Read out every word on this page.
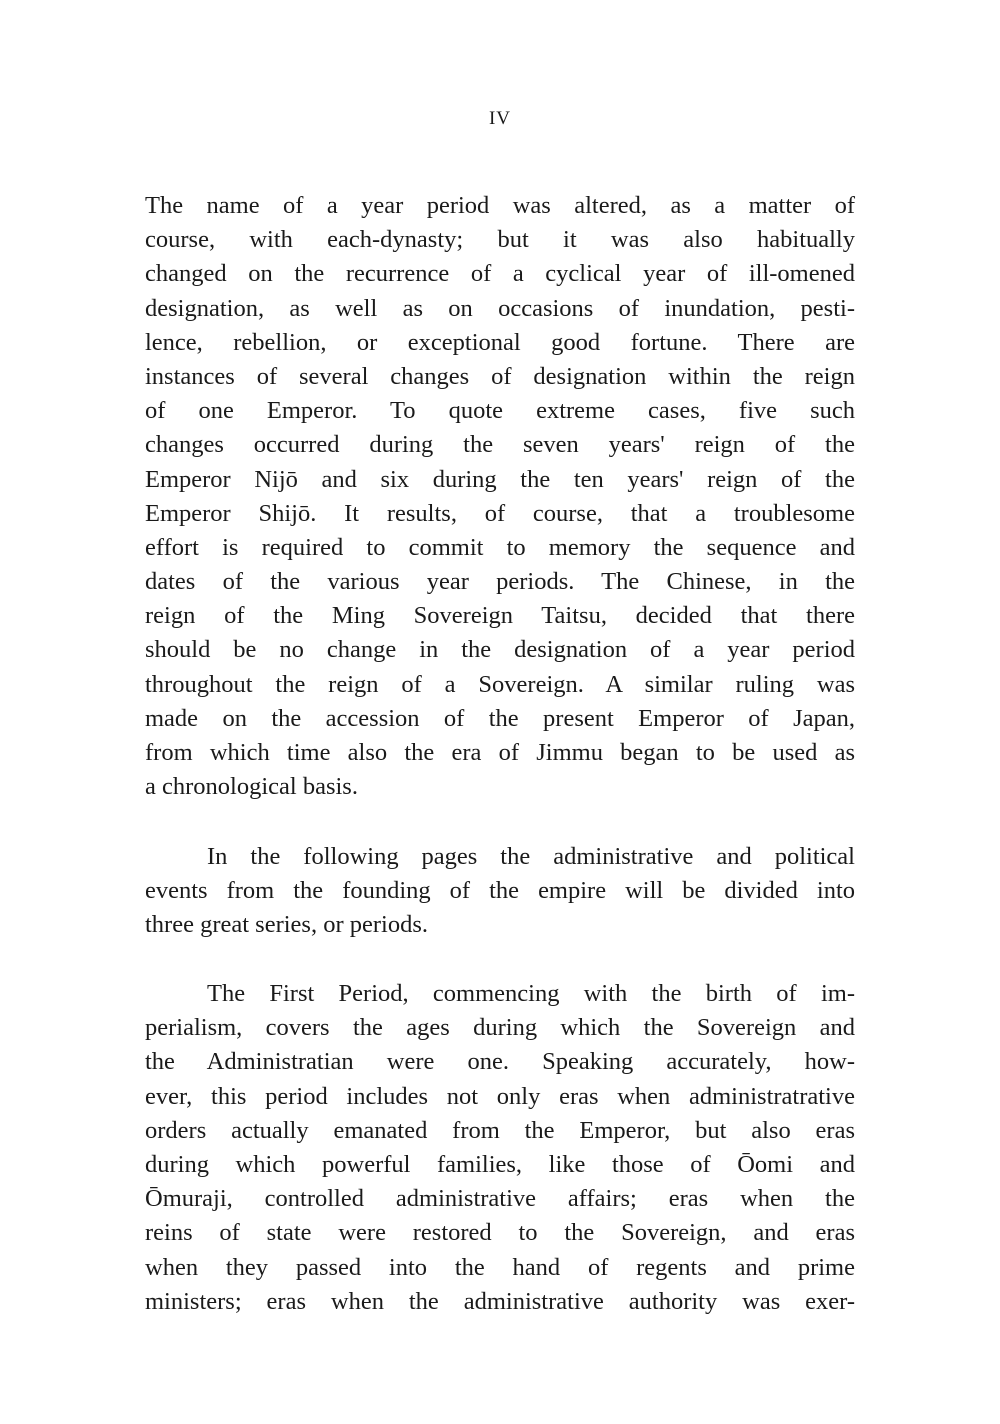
IV
The name of a year period was altered, as a matter of
course, with each-dynasty; but it was also habitually
changed on the recurrence of a cyclical year of ill-omened
designation, as well as on occasions of inundation, pesti-
lence, rebellion, or exceptional good fortune. There are
instances of several changes of designation within the reign
of one Emperor. To quote extreme cases, five such
changes occurred during the seven years' reign of the
Emperor Nijō and six during the ten years' reign of the
Emperor Shijō. It results, of course, that a troublesome
effort is required to commit to memory the sequence and
dates of the various year periods. The Chinese, in the
reign of the Ming Sovereign Taitsu, decided that there
should be no change in the designation of a year period
throughout the reign of a Sovereign. A similar ruling was
made on the accession of the present Emperor of Japan,
from which time also the era of Jimmu began to be used as
a chronological basis.
In the following pages the administrative and political
events from the founding of the empire will be divided into
three great series, or periods.
The First Period, commencing with the birth of im-
perialism, covers the ages during which the Sovereign and
the Administratian were one. Speaking accurately, how-
ever, this period includes not only eras when administratrative
orders actually emanated from the Emperor, but also eras
during which powerful families, like those of Ōomi and
Ōmuraji, controlled administrative affairs; eras when the
reins of state were restored to the Sovereign, and eras
when they passed into the hand of regents and prime
ministers; eras when the administrative authority was exer-
